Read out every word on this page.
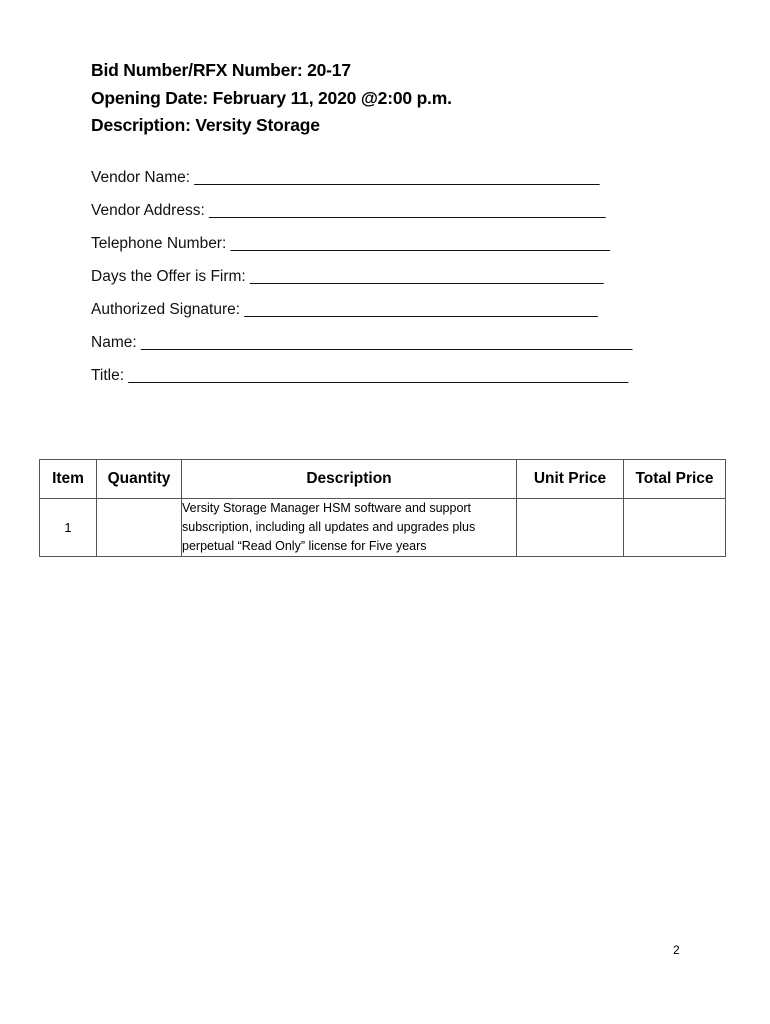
Bid Number/RFX Number: 20-17
Opening Date: February 11, 2020 @2:00 p.m.
Description: Versity Storage
Vendor Name: _______________________________________________
Vendor Address: ______________________________________________
Telephone Number: ____________________________________________
Days the Offer is Firm: _________________________________________
Authorized Signature: _________________________________________
Name: _________________________________________________________
Title: __________________________________________________________
Item	Quantity	Description	Unit Price	Total Price
1		Versity Storage Manager HSM software and support subscription, including all updates and upgrades plus perpetual “Read Only” license for Five years		
2
